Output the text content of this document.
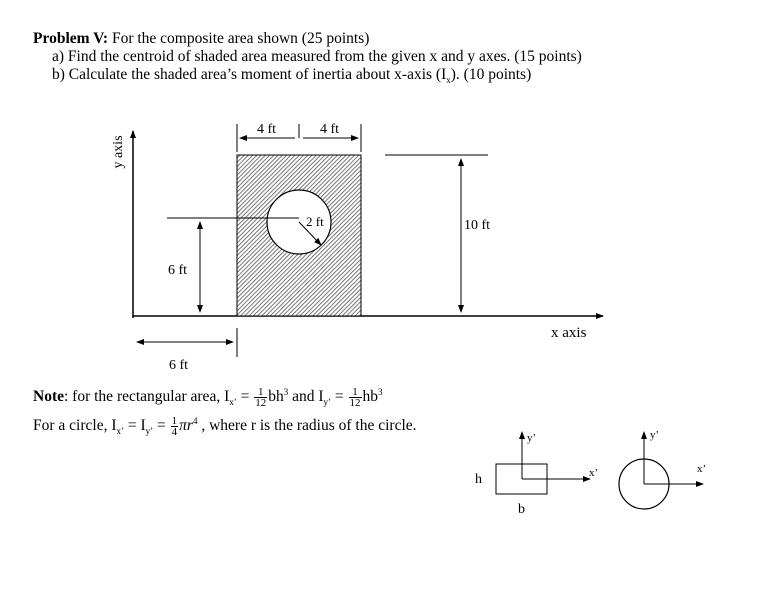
Problem V: For the composite area shown (25 points)
a) Find the centroid of shaded area measured from the given x and y axes. (15 points)
b) Calculate the shaded area’s moment of inertia about x-axis $(I_x)$. (10 points)
y axis
x axis
2 ft
4 ft	4 ft
10 ft
6 ft
6 ft
y’
x’
h
b
y’
x’
Note: for the rectangular area, $I_{x’} = \frac{1}{12} bh^3$ and $I_{y’} = \frac{1}{12} hb^3$
For a circle, $I_{x’} = I_{y’} = \frac{1}{4} \pi r^4$ , where r is the radius of the circle.
